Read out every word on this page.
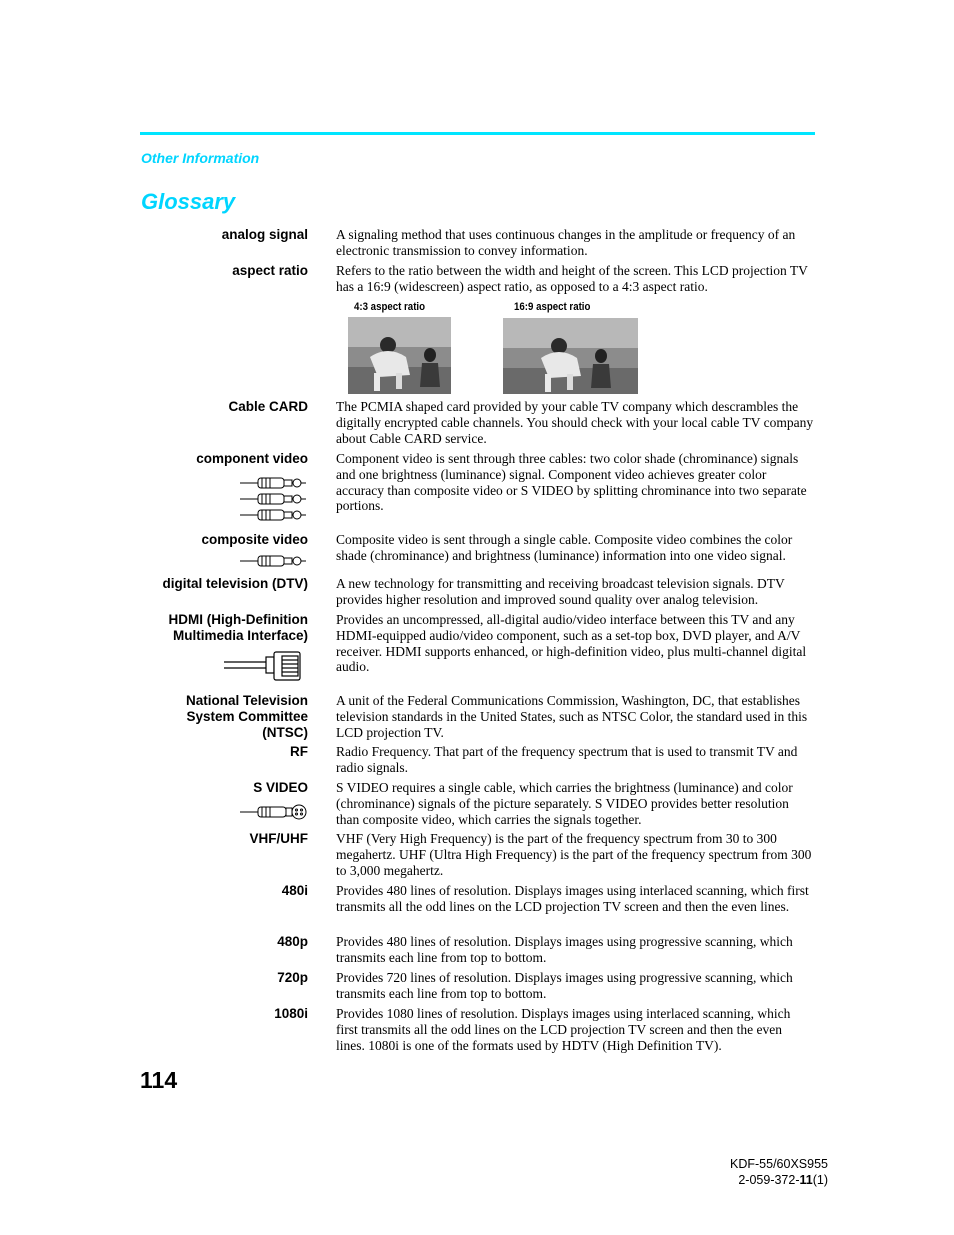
Other Information
Glossary
analog signal A signaling method that uses continuous changes in the amplitude or frequency of an electronic transmission to convey information.
aspect ratio Refers to the ratio between the width and height of the screen. This LCD projection TV has a 16:9 (widescreen) aspect ratio, as opposed to a 4:3 aspect ratio.
4:3 aspect ratio	16:9 aspect ratio
Cable CARD The PCMIA shaped card provided by your cable TV company which descrambles the digitally encrypted cable channels. You should check with your local cable TV company about Cable CARD service.
component video Component video is sent through three cables: two color shade (chrominance) signals and one brightness (luminance) signal. Component video achieves greater color accuracy than composite video or S VIDEO by splitting chrominance into two separate portions.
composite video Composite video is sent through a single cable. Composite video combines the color shade (chrominance) and brightness (luminance) information into one video signal.
digital television (DTV) A new technology for transmitting and receiving broadcast television signals. DTV provides higher resolution and improved sound quality over analog television.
HDMI (High-Definition Multimedia Interface)
Provides an uncompressed, all-digital audio/video interface between this TV and any HDMI-equipped audio/video component, such as a set-top box, DVD player, and A/V receiver. HDMI supports enhanced, or high-definition video, plus multi-channel digital audio.
National Television System Committee (NTSC)
A unit of the Federal Communications Commission, Washington, DC, that establishes television standards in the United States, such as NTSC Color, the standard used in this LCD projection TV.
RF Radio Frequency. That part of the frequency spectrum that is used to transmit TV and radio signals.
S VIDEO S VIDEO requires a single cable, which carries the brightness (luminance) and color (chrominance) signals of the picture separately. S VIDEO provides better resolution than composite video, which carries the signals together.
VHF/UHF VHF (Very High Frequency) is the part of the frequency spectrum from 30 to 300 megahertz. UHF (Ultra High Frequency) is the part of the frequency spectrum from 300 to 3,000 megahertz.
480i Provides 480 lines of resolution. Displays images using interlaced scanning, which first transmits all the odd lines on the LCD projection TV screen and then the even lines.
480p Provides 480 lines of resolution. Displays images using progressive scanning, which transmits each line from top to bottom.
720p Provides 720 lines of resolution. Displays images using progressive scanning, which transmits each line from top to bottom.
1080i Provides 1080 lines of resolution. Displays images using interlaced scanning, which first transmits all the odd lines on the LCD projection TV screen and then the even lines. 1080i is one of the formats used by HDTV (High Definition TV).
114
KDF-55/60XS955
2-059-372-11(1)
